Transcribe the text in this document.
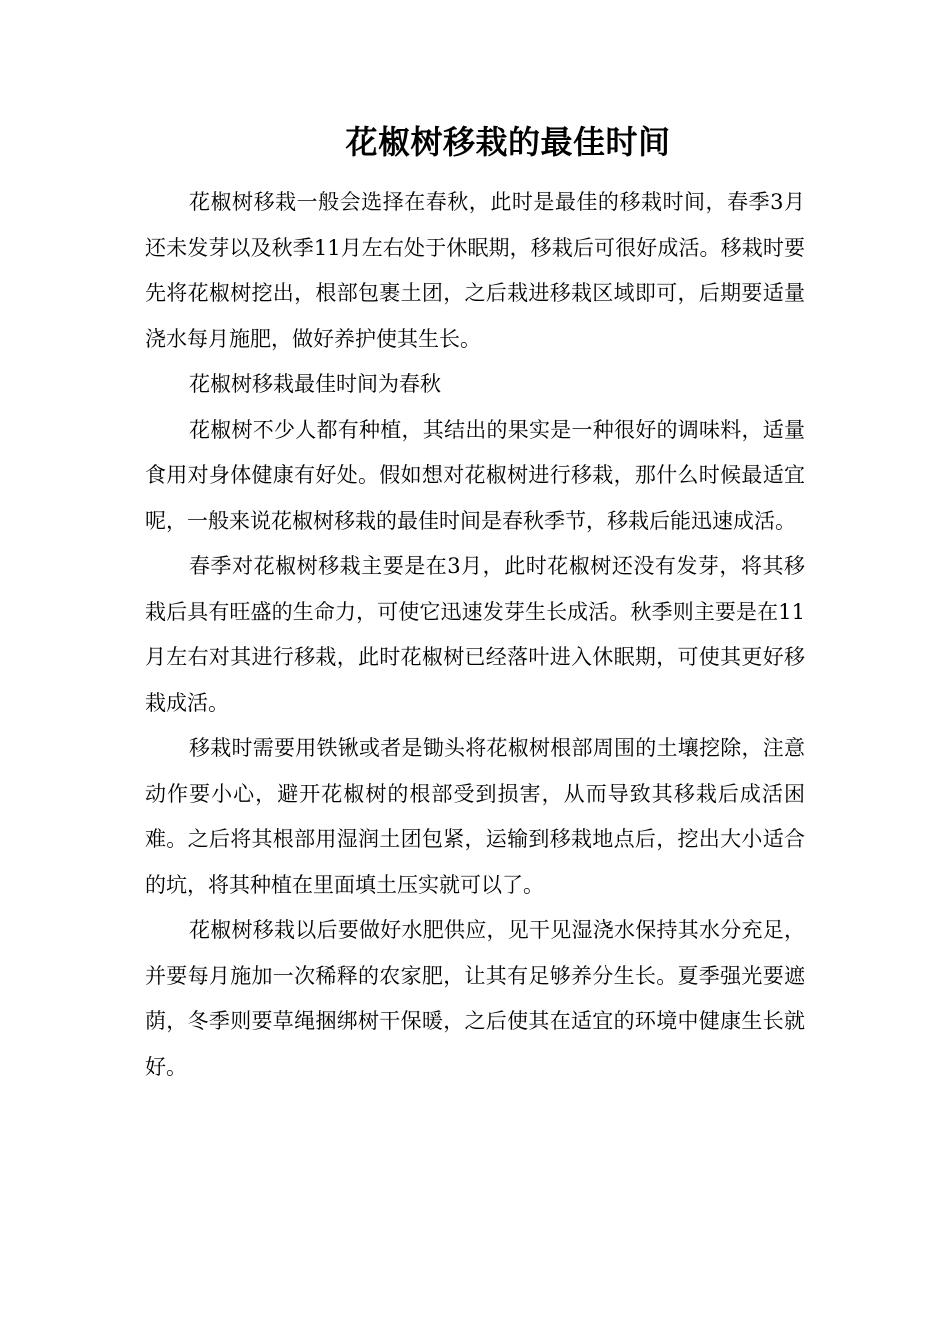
花椒树移栽的最佳时间

花椒树移栽一般会选择在春秋，此时是最佳的移栽时间，春季3月还未发芽以及秋季11月左右处于休眠期，移栽后可很好成活。移栽时要先将花椒树挖出，根部包裹土团，之后栽进移栽区域即可，后期要适量浇水每月施肥，做好养护使其生长。

花椒树移栽最佳时间为春秋

花椒树不少人都有种植，其结出的果实是一种很好的调味料，适量食用对身体健康有好处。假如想对花椒树进行移栽，那什么时候最适宜呢，一般来说花椒树移栽的最佳时间是春秋季节，移栽后能迅速成活。

春季对花椒树移栽主要是在3月，此时花椒树还没有发芽，将其移栽后具有旺盛的生命力，可使它迅速发芽生长成活。秋季则主要是在11月左右对其进行移栽，此时花椒树已经落叶进入休眠期，可使其更好移栽成活。

移栽时需要用铁锹或者是锄头将花椒树根部周围的土壤挖除，注意动作要小心，避开花椒树的根部受到损害，从而导致其移栽后成活困难。之后将其根部用湿润土团包紧，运输到移栽地点后，挖出大小适合的坑，将其种植在里面填土压实就可以了。

花椒树移栽以后要做好水肥供应，见干见湿浇水保持其水分充足，并要每月施加一次稀释的农家肥，让其有足够养分生长。夏季强光要遮荫，冬季则要草绳捆绑树干保暖，之后使其在适宜的环境中健康生长就好。
